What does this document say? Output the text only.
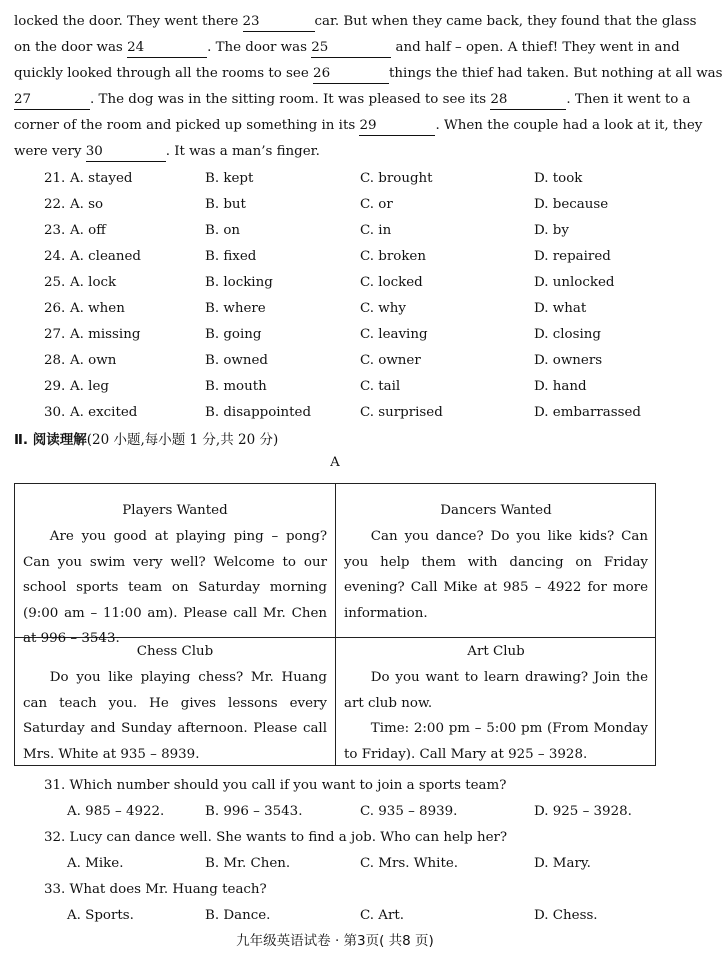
locked the door. They went there 23	car. But when they came back, they found that the glass
on the door was 24	. The door was 25	and half – open. A thief! They went in and
quickly looked through all the rooms to see 26	things the thief had taken. But nothing at all was
27	. The dog was in the sitting room. It was pleased to see its 28	. Then it went to a
corner of the room and picked up something in its 29	. When the couple had a look at it, they
were very 30	. It was a man’s finger.
21. A. stayed	B. kept	C. brought	D. took
22. A. so	B. but	C. or	D. because
23. A. off	B. on	C. in	D. by
24. A. cleaned	B. fixed	C. broken	D. repaired
25. A. lock	B. locking	C. locked	D. unlocked
26. A. when	B. where	C. why	D. what
27. A. missing	B. going	C. leaving	D. closing
28. A. own	B. owned	C. owner	D. owners
29. A. leg	B. mouth	C. tail	D. hand
30. A. excited	B. disappointed	C. surprised	D. embarrassed
Ⅱ. 阅读理解(20 小题,每小题 1 分,共 20 分)
A
Players Wanted
Are you good at playing ping – pong? Can you swim very well? Welcome to our school sports team on Saturday morning (9:00 am – 11:00 am). Please call Mr. Chen at 996 – 3543.
Dancers Wanted
Can you dance? Do you like kids? Can you help them with dancing on Friday evening? Call Mike at 985 – 4922 for more information.
Chess Club
Do you like playing chess? Mr. Huang can teach you. He gives lessons every Saturday and Sunday afternoon. Please call Mrs. White at 935 – 8939.
Art Club
Do you want to learn drawing? Join the art club now.
Time: 2:00 pm – 5:00 pm (From Monday to Friday). Call Mary at 925 – 3928.
31. Which number should you call if you want to join a sports team?
A. 985 – 4922.	B. 996 – 3543.	C. 935 – 8939.	D. 925 – 3928.
32. Lucy can dance well. She wants to find a job. Who can help her?
A. Mike.	B. Mr. Chen.	C. Mrs. White.	D. Mary.
33. What does Mr. Huang teach?
A. Sports.	B. Dance.	C. Art.	D. Chess.
九年级英语试卷 · 第3页( 共8 页)
